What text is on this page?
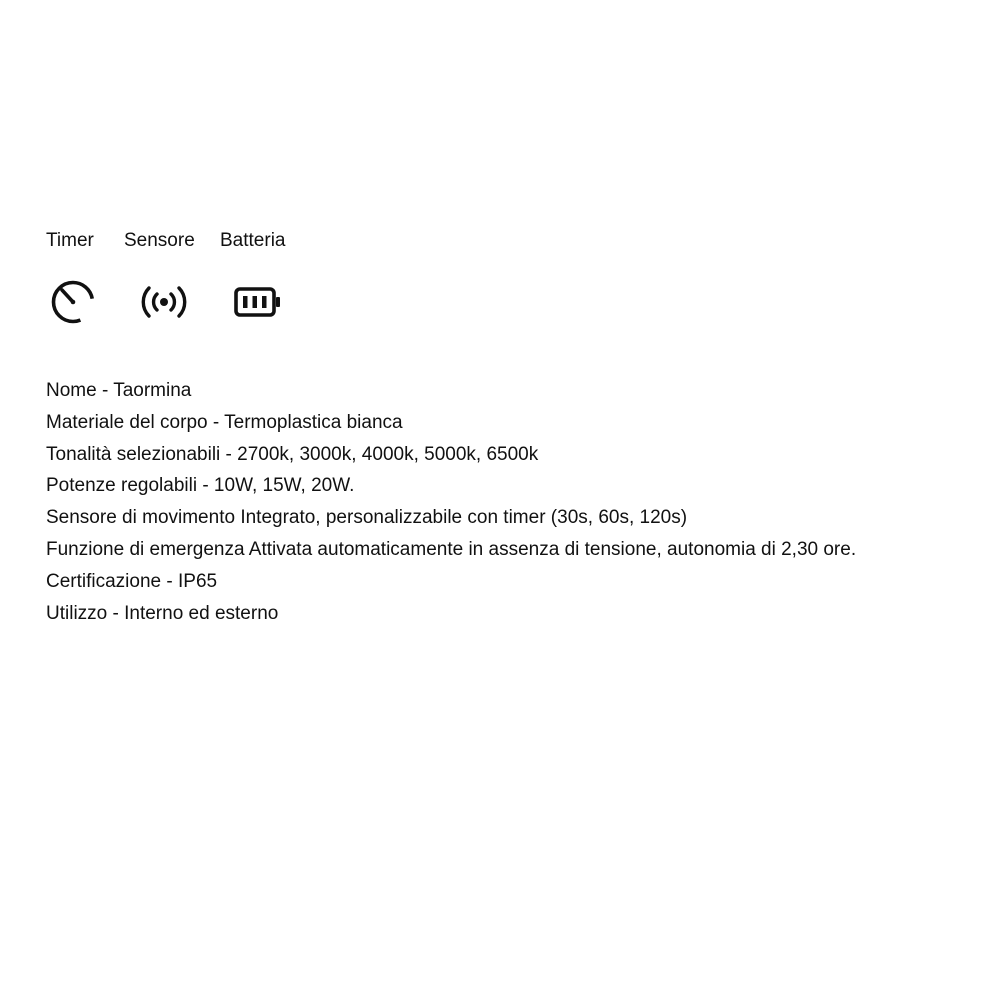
Timer Sensore Batteria
Nome - Taormina
Materiale del corpo - Termoplastica bianca
Tonalità selezionabili - 2700k, 3000k, 4000k, 5000k, 6500k
Potenze regolabili - 10W, 15W, 20W.
Sensore di movimento Integrato, personalizzabile con timer (30s, 60s, 120s)
Funzione di emergenza Attivata automaticamente in assenza di tensione, autonomia di 2,30 ore.
Certificazione - IP65
Utilizzo - Interno ed esterno
